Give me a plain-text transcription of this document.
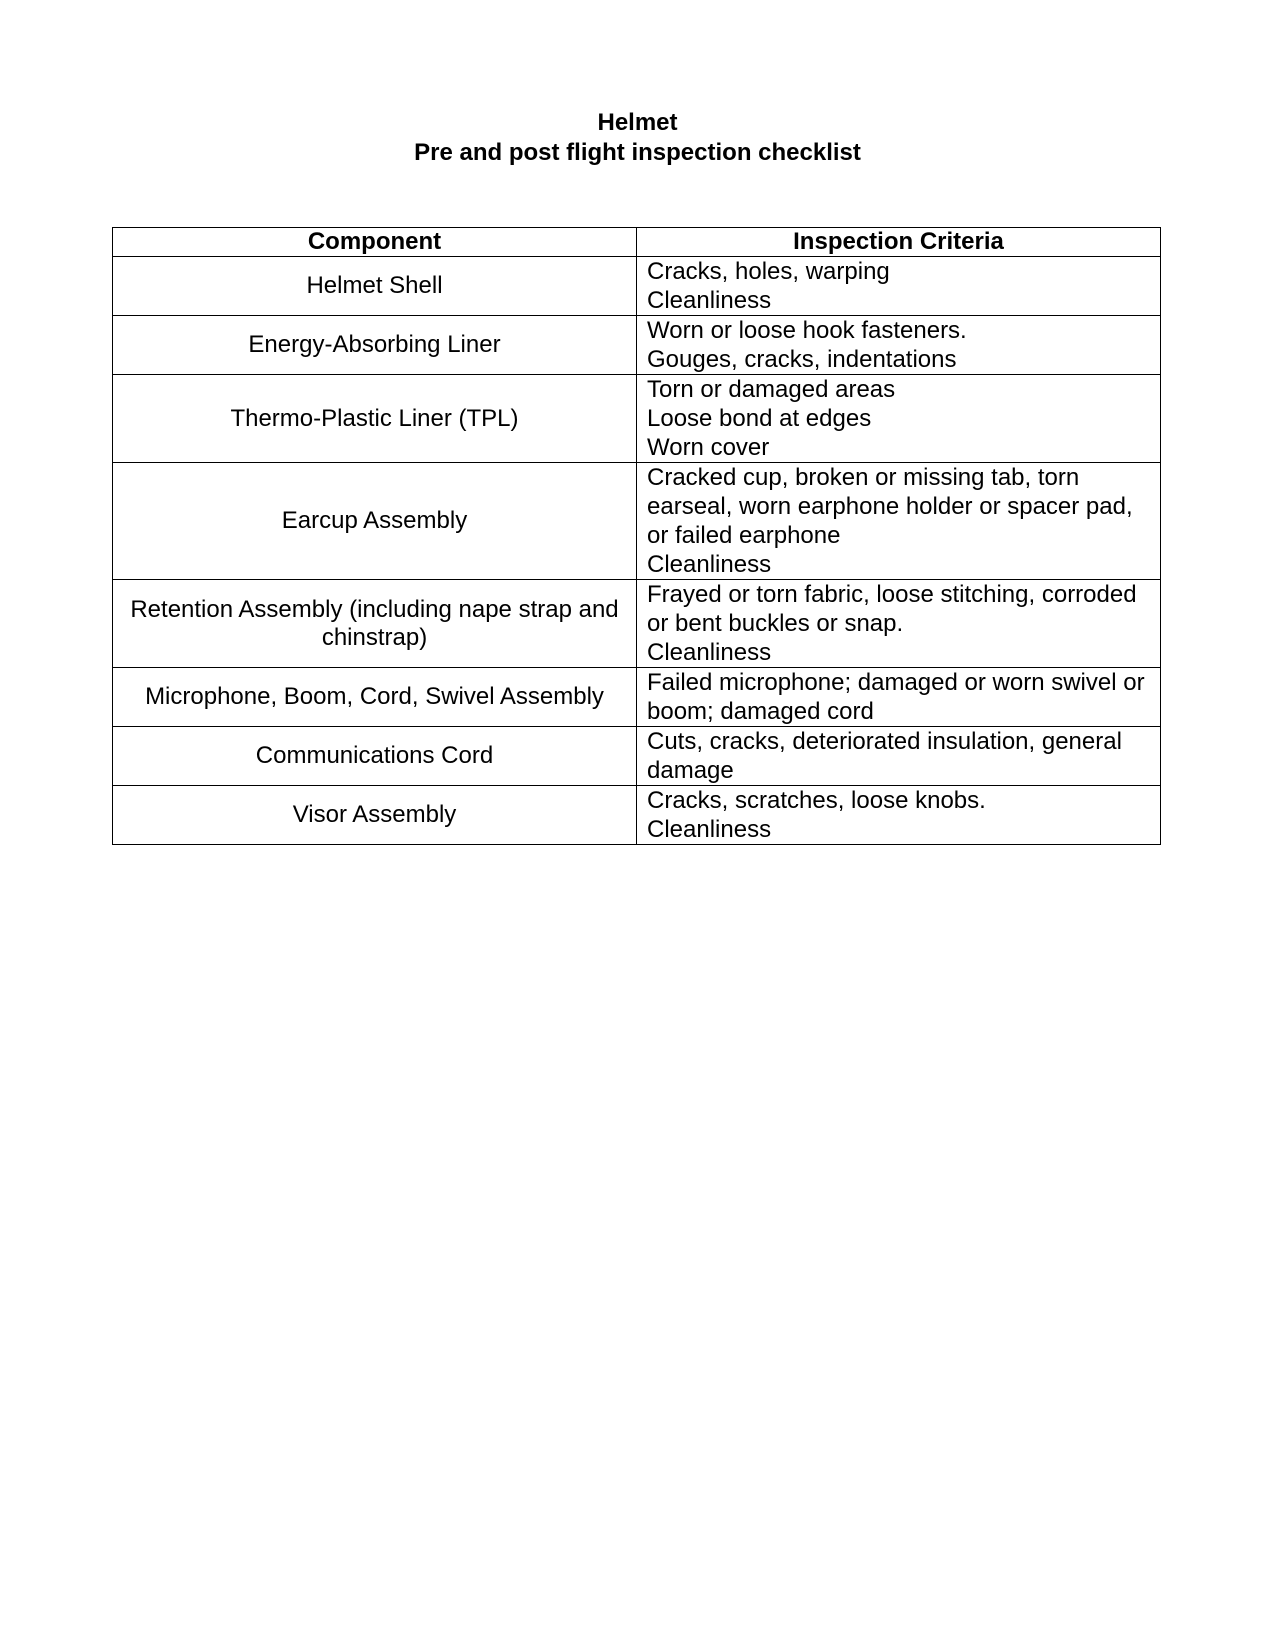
Helmet
Pre and post flight inspection checklist
Component	Inspection Criteria
Helmet Shell	Cracks, holes, warping
Cleanliness

Energy-Absorbing Liner	Worn or loose hook fasteners.
Gouges, cracks, indentations

Thermo-Plastic Liner (TPL)	Torn or damaged areas
Loose bond at edges
Worn cover

Earcup Assembly	Cracked cup, broken or missing tab, torn earseal, worn earphone holder or spacer pad, or failed earphone
Cleanliness

Retention Assembly (including nape strap and chinstrap)	Frayed or torn fabric, loose stitching, corroded or bent buckles or snap.
Cleanliness

Microphone, Boom, Cord, Swivel Assembly	Failed microphone; damaged or worn swivel or boom; damaged cord

Communications Cord	Cuts, cracks, deteriorated insulation, general damage

Visor Assembly	Cracks, scratches, loose knobs.
Cleanliness
